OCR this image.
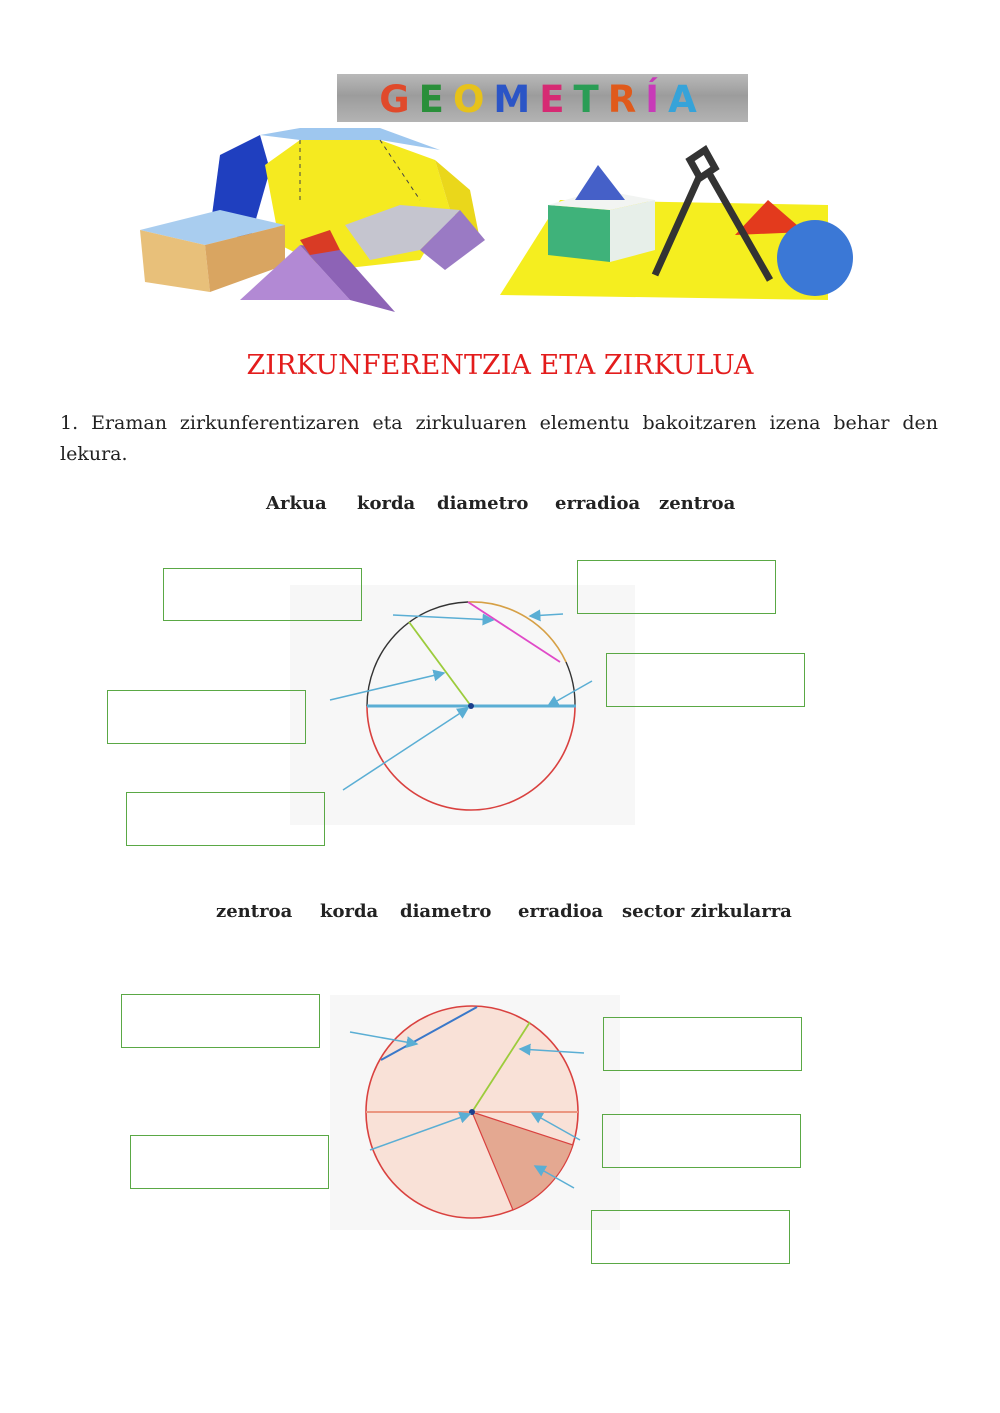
GEOMETRÍA
ZIRKUNFERENTZIA ETA ZIRKULUA
1. Eraman zirkunferentizaren eta zirkuluaren elementu bakoitzaren izena behar den lekura.
Arkua korda diametro erradioa zentroa
zentroa korda diametro erradioa sector zirkularra
